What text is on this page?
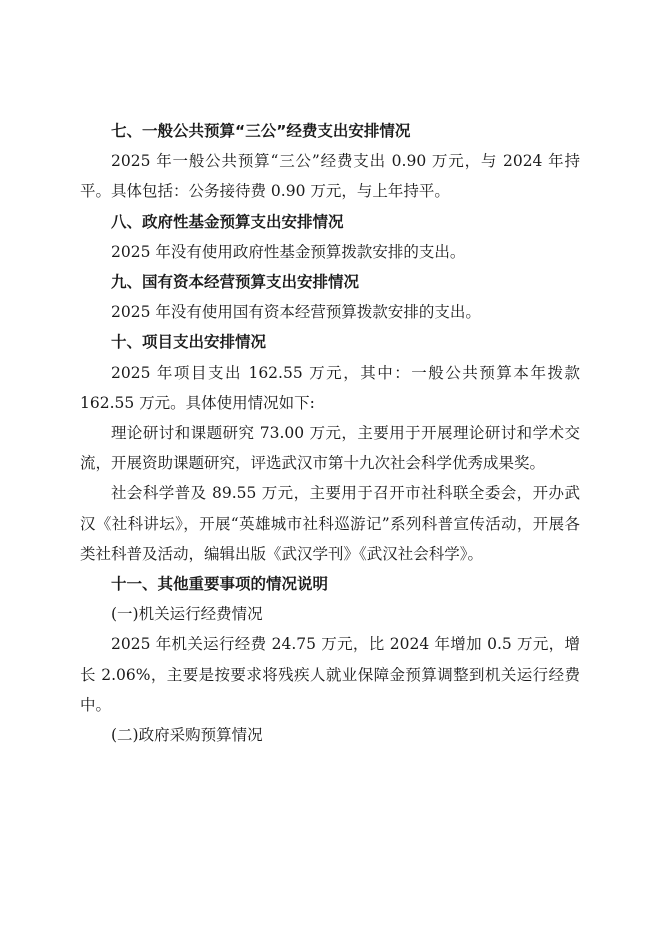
七、一般公共预算“三公”经费支出安排情况

2025 年一般公共预算“三公”经费支出 0.90 万元，与 2024 年持平。具体包括：公务接待费 0.90 万元，与上年持平。

八、政府性基金预算支出安排情况

2025 年没有使用政府性基金预算拨款安排的支出。

九、国有资本经营预算支出安排情况

2025 年没有使用国有资本经营预算拨款安排的支出。

十、项目支出安排情况

2025 年项目支出 162.55 万元，其中：一般公共预算本年拨款 162.55 万元。具体使用情况如下:

理论研讨和课题研究 73.00 万元，主要用于开展理论研讨和学术交流，开展资助课题研究，评选武汉市第十九次社会科学优秀成果奖。

社会科学普及 89.55 万元，主要用于召开市社科联全委会，开办武汉《社科讲坛》，开展“英雄城市社科巡游记”系列科普宣传活动，开展各类社科普及活动，编辑出版《武汉学刊》《武汉社会科学》。

十一、其他重要事项的情况说明

(一)机关运行经费情况

2025 年机关运行经费 24.75 万元，比 2024 年增加 0.5 万元，增长 2.06%，主要是按要求将残疾人就业保障金预算调整到机关运行经费中。

(二)政府采购预算情况
